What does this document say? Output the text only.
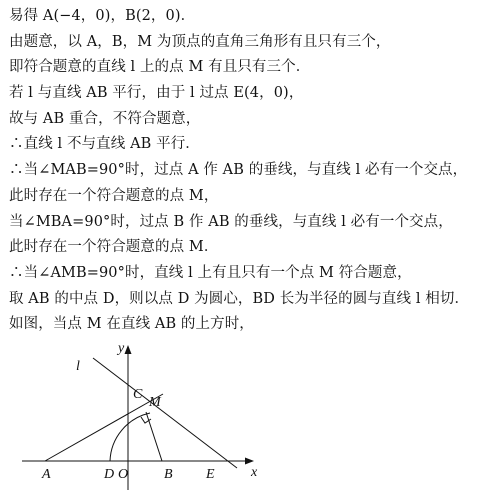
易得 A(−4，0)，B(2，0)．
由题意，以 A，B，M 为顶点的直角三角形有且只有三个，
即符合题意的直线 l 上的点 M 有且只有三个．
若 l 与直线 AB 平行，由于 l 过点 E(4，0)，
故与 AB 重合，不符合题意，
∴直线 l 不与直线 AB 平行．
∴当∠MAB=90°时，过点 A 作 AB 的垂线，与直线 l 必有一个交点，
此时存在一个符合题意的点 M，
当∠MBA=90°时，过点 B 作 AB 的垂线，与直线 l 必有一个交点，
此时存在一个符合题意的点 M．
∴当∠AMB=90°时，直线 l 上有且只有一个点 M 符合题意，
取 AB 的中点 D，则以点 D 为圆心，BD 长为半径的圆与直线 l 相切．
如图，当点 M 在直线 AB 的上方时，
y
l
C
M
A	D O	B E	x
